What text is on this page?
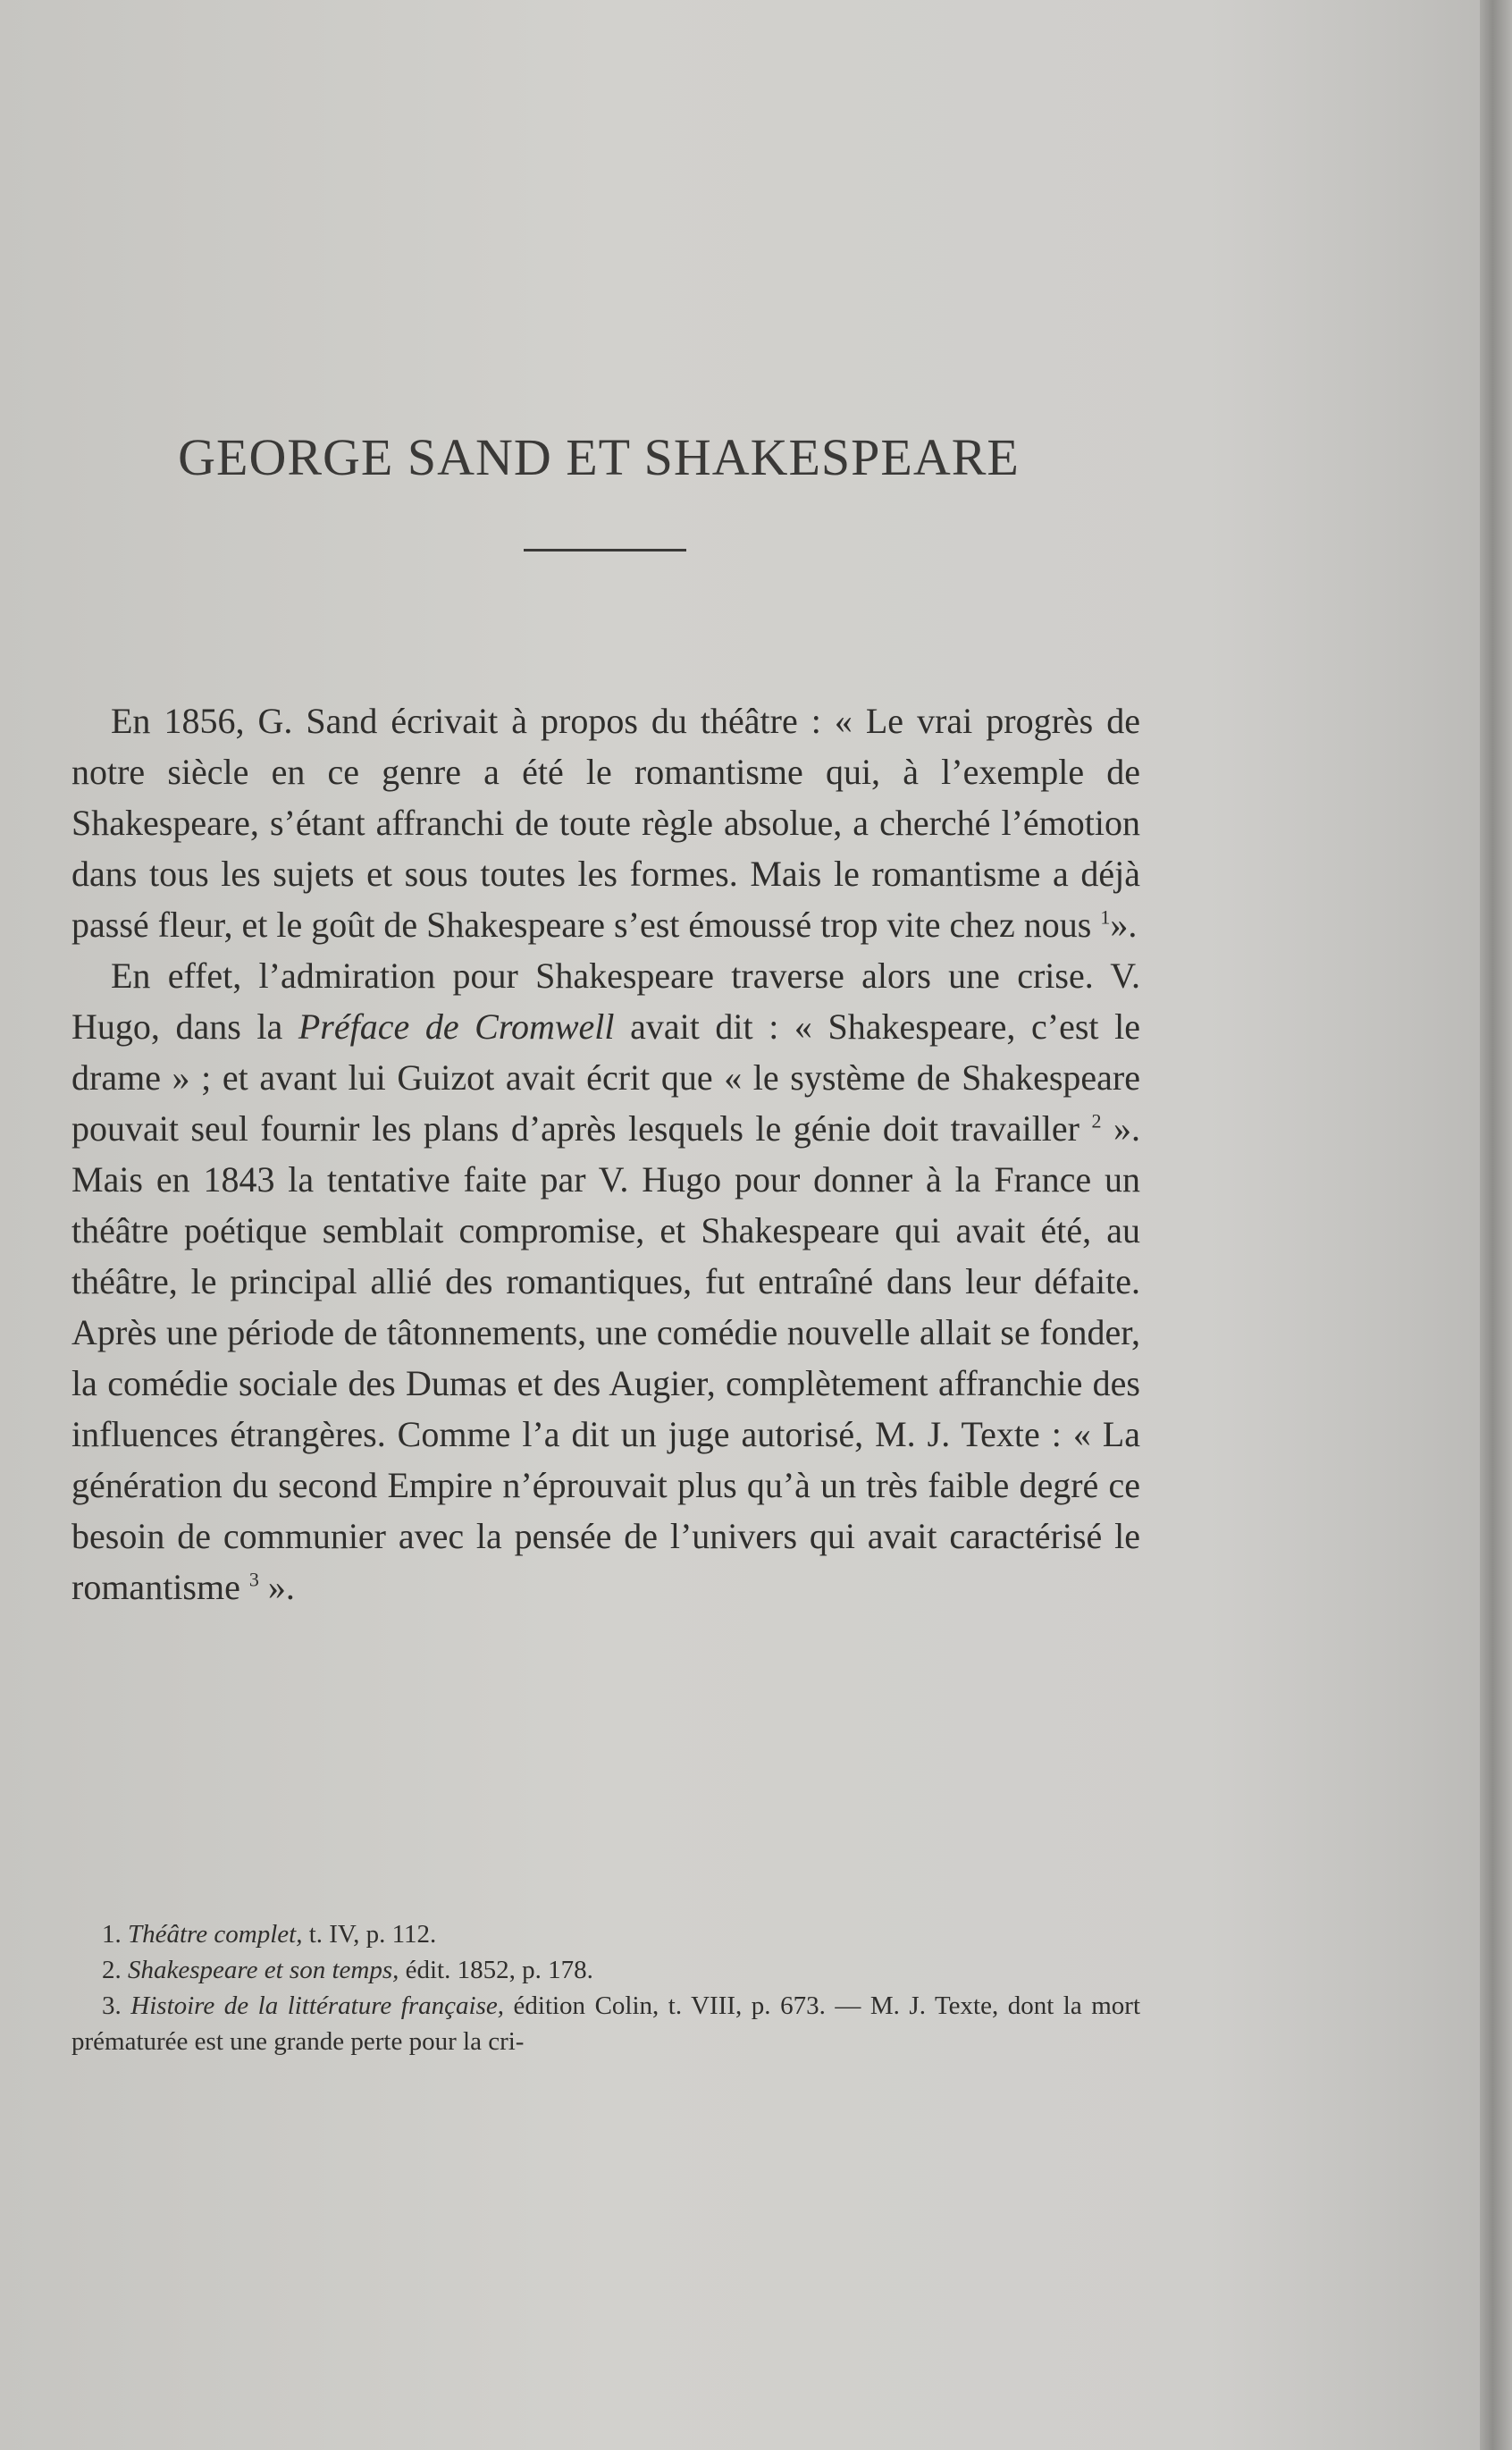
GEORGE SAND ET SHAKESPEARE

En 1856, G. Sand écrivait à propos du théâtre : « Le vrai progrès de notre siècle en ce genre a été le romantisme qui, à l’exemple de Shakespeare, s’étant affranchi de toute règle absolue, a cherché l’émotion dans tous les sujets et sous toutes les formes. Mais le romantisme a déjà passé fleur, et le goût de Shakespeare s’est émoussé trop vite chez nous $^1$».

En effet, l’admiration pour Shakespeare traverse alors une crise. V. Hugo, dans la Préface de Cromwell avait dit : « Shakespeare, c’est le drame » ; et avant lui Guizot avait écrit que « le système de Shakespeare pouvait seul fournir les plans d’après lesquels le génie doit travailler $^2$ ». Mais en 1843 la tentative faite par V. Hugo pour donner à la France un théâtre poétique semblait compromise, et Shakespeare qui avait été, au théâtre, le principal allié des romantiques, fut entraîné dans leur défaite. Après une période de tâtonnements, une comédie nouvelle allait se fonder, la comédie sociale des Dumas et des Augier, complètement affranchie des influences étrangères. Comme l’a dit un juge autorisé, M. J. Texte : « La génération du second Empire n’éprouvait plus qu’à un très faible degré ce besoin de communier avec la pensée de l’univers qui avait caractérisé le romantisme $^3$ ».

1. Théâtre complet, t. IV, p. 112.

2. Shakespeare et son temps, édit. 1852, p. 178.

3. Histoire de la littérature française, édition Colin, t. VIII, p. 673. — M. J. Texte, dont la mort prématurée est une grande perte pour la cri-
